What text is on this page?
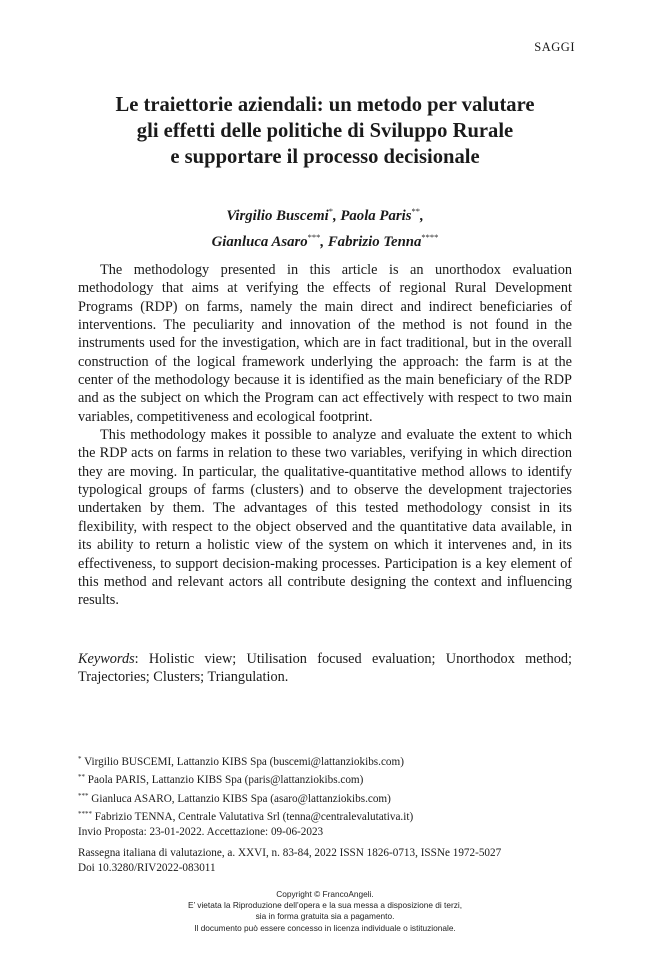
SAGGI
Le traiettorie aziendali: un metodo per valutare
gli effetti delle politiche di Sviluppo Rurale
e supportare il processo decisionale
Virgilio Buscemi*, Paola Paris**,
Gianluca Asaro***, Fabrizio Tenna****

The methodology presented in this article is an unorthodox evaluation methodology that aims at verifying the effects of regional Rural Development Programs (RDP) on farms, namely the main direct and indirect beneficiaries of interventions. The peculiarity and innovation of the method is not found in the instruments used for the investigation, which are in fact traditional, but in the overall construction of the logical framework underlying the approach: the farm is at the center of the methodology because it is identified as the main beneficiary of the RDP and as the subject on which the Program can act effectively with respect to two main variables, competitiveness and ecological footprint.

This methodology makes it possible to analyze and evaluate the extent to which the RDP acts on farms in relation to these two variables, verifying in which direction they are moving. In particular, the qualitative-quantitative method allows to identify typological groups of farms (clusters) and to observe the development trajectories undertaken by them. The advantages of this tested methodology consist in its flexibility, with respect to the object observed and the quantitative data available, in its ability to return a holistic view of the system on which it intervenes and, in its effectiveness, to support decision-making processes. Participation is a key element of this method and relevant actors all contribute designing the context and influencing results.

Keywords: Holistic view; Utilisation focused evaluation; Unorthodox method; Trajectories; Clusters; Triangulation.
* Virgilio BUSCEMI, Lattanzio KIBS Spa (buscemi@lattanziokibs.com)
** Paola PARIS, Lattanzio KIBS Spa (paris@lattanziokibs.com)
*** Gianluca ASARO, Lattanzio KIBS Spa (asaro@lattanziokibs.com)
**** Fabrizio TENNA, Centrale Valutativa Srl (tenna@centralevalutativa.it)
Invio Proposta: 23-01-2022. Accettazione: 09-06-2023
Rassegna italiana di valutazione, a. XXVI, n. 83-84, 2022 ISSN 1826-0713, ISSNe 1972-5027
Doi 10.3280/RIV2022-083011
Copyright © FrancoAngeli.
E’ vietata la Riproduzione dell’opera e la sua messa a disposizione di terzi,
sia in forma gratuita sia a pagamento.
Il documento può essere concesso in licenza individuale o istituzionale.
